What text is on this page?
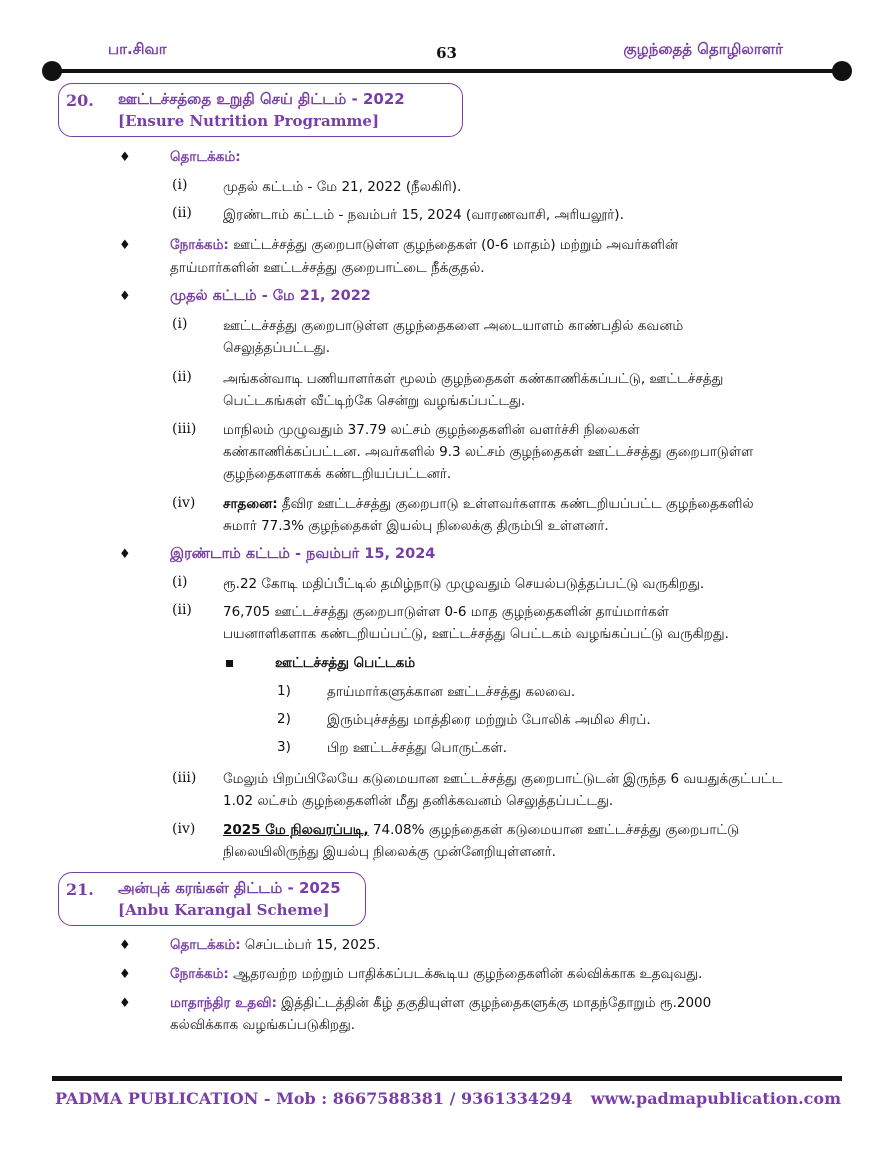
பா.சிவா	63	குழந்தைத் தொழிலாளர்
20. ஊட்டச்சத்தை உறுதி செய் திட்டம் - 2022
[Ensure Nutrition Programme]
♦	தொடக்கம்:
(i)	முதல் கட்டம் - மே 21, 2022 (நீலகிரி).
(ii) இரண்டாம் கட்டம் - நவம்பர் 15, 2024 (வாரணவாசி, அரியலூர்).
♦	நோக்கம்: ஊட்டச்சத்து குறைபாடுள்ள குழந்தைகள் (0-6 மாதம்) மற்றும் அவர்களின்
தாய்மார்களின் ஊட்டச்சத்து குறைபாட்டை நீக்குதல்.
♦	முதல் கட்டம் - மே 21, 2022
(i)	ஊட்டச்சத்து குறைபாடுள்ள குழந்தைகளை அடையாளம் காண்பதில் கவனம்
செலுத்தப்பட்டது.
(ii) அங்கன்வாடி பணியாளர்கள் மூலம் குழந்தைகள் கண்காணிக்கப்பட்டு, ஊட்டச்சத்து
பெட்டகங்கள் வீட்டிற்கே சென்று வழங்கப்பட்டது.
(iii) மாநிலம் முழுவதும் 37.79 லட்சம் குழந்தைகளின் வளர்ச்சி நிலைகள்
கண்காணிக்கப்பட்டன. அவர்களில் 9.3 லட்சம் குழந்தைகள் ஊட்டச்சத்து குறைபாடுள்ள
குழந்தைகளாகக் கண்டறியப்பட்டனர்.
(iv) சாதனை: தீவிர ஊட்டச்சத்து குறைபாடு உள்ளவர்களாக கண்டறியப்பட்ட குழந்தைகளில்
சுமார் 77.3% குழந்தைகள் இயல்பு நிலைக்கு திரும்பி உள்ளனர்.
♦	இரண்டாம் கட்டம் - நவம்பர் 15, 2024
(i)	ரூ.22 கோடி மதிப்பீட்டில் தமிழ்நாடு முழுவதும் செயல்படுத்தப்பட்டு வருகிறது.
(ii) 76,705 ஊட்டச்சத்து குறைபாடுள்ள 0-6 மாத குழந்தைகளின் தாய்மார்கள்
பயனாளிகளாக கண்டறியப்பட்டு, ஊட்டச்சத்து பெட்டகம் வழங்கப்பட்டு வருகிறது.
ஊட்டச்சத்து பெட்டகம்
1)	தாய்மார்களுக்கான ஊட்டச்சத்து கலவை.
2)	இரும்புச்சத்து மாத்திரை மற்றும் போலிக் அமில சிரப்.
3)	பிற ஊட்டச்சத்து பொருட்கள்.
(iii) மேலும் பிறப்பிலேயே கடுமையான ஊட்டச்சத்து குறைபாட்டுடன் இருந்த 6 வயதுக்குட்பட்ட
1.02 லட்சம் குழந்தைகளின் மீது தனிக்கவனம் செலுத்தப்பட்டது.
(iv) 2025 மே நிலவரப்படி, 74.08% குழந்தைகள் கடுமையான ஊட்டச்சத்து குறைபாட்டு
நிலையிலிருந்து இயல்பு நிலைக்கு முன்னேறியுள்ளனர்.
21. அன்புக் கரங்கள் திட்டம் - 2025
[Anbu Karangal Scheme]
♦	தொடக்கம்: செப்டம்பர் 15, 2025.
♦	நோக்கம்: ஆதரவற்ற மற்றும் பாதிக்கப்படக்கூடிய குழந்தைகளின் கல்விக்காக உதவுவது.
♦	மாதாந்திர உதவி: இத்திட்டத்தின் கீழ் தகுதியுள்ள குழந்தைகளுக்கு மாதந்தோறும் ரூ.2000
கல்விக்காக வழங்கப்படுகிறது.
PADMA PUBLICATION - Mob : 8667588381 / 9361334294 www.padmapublication.com
